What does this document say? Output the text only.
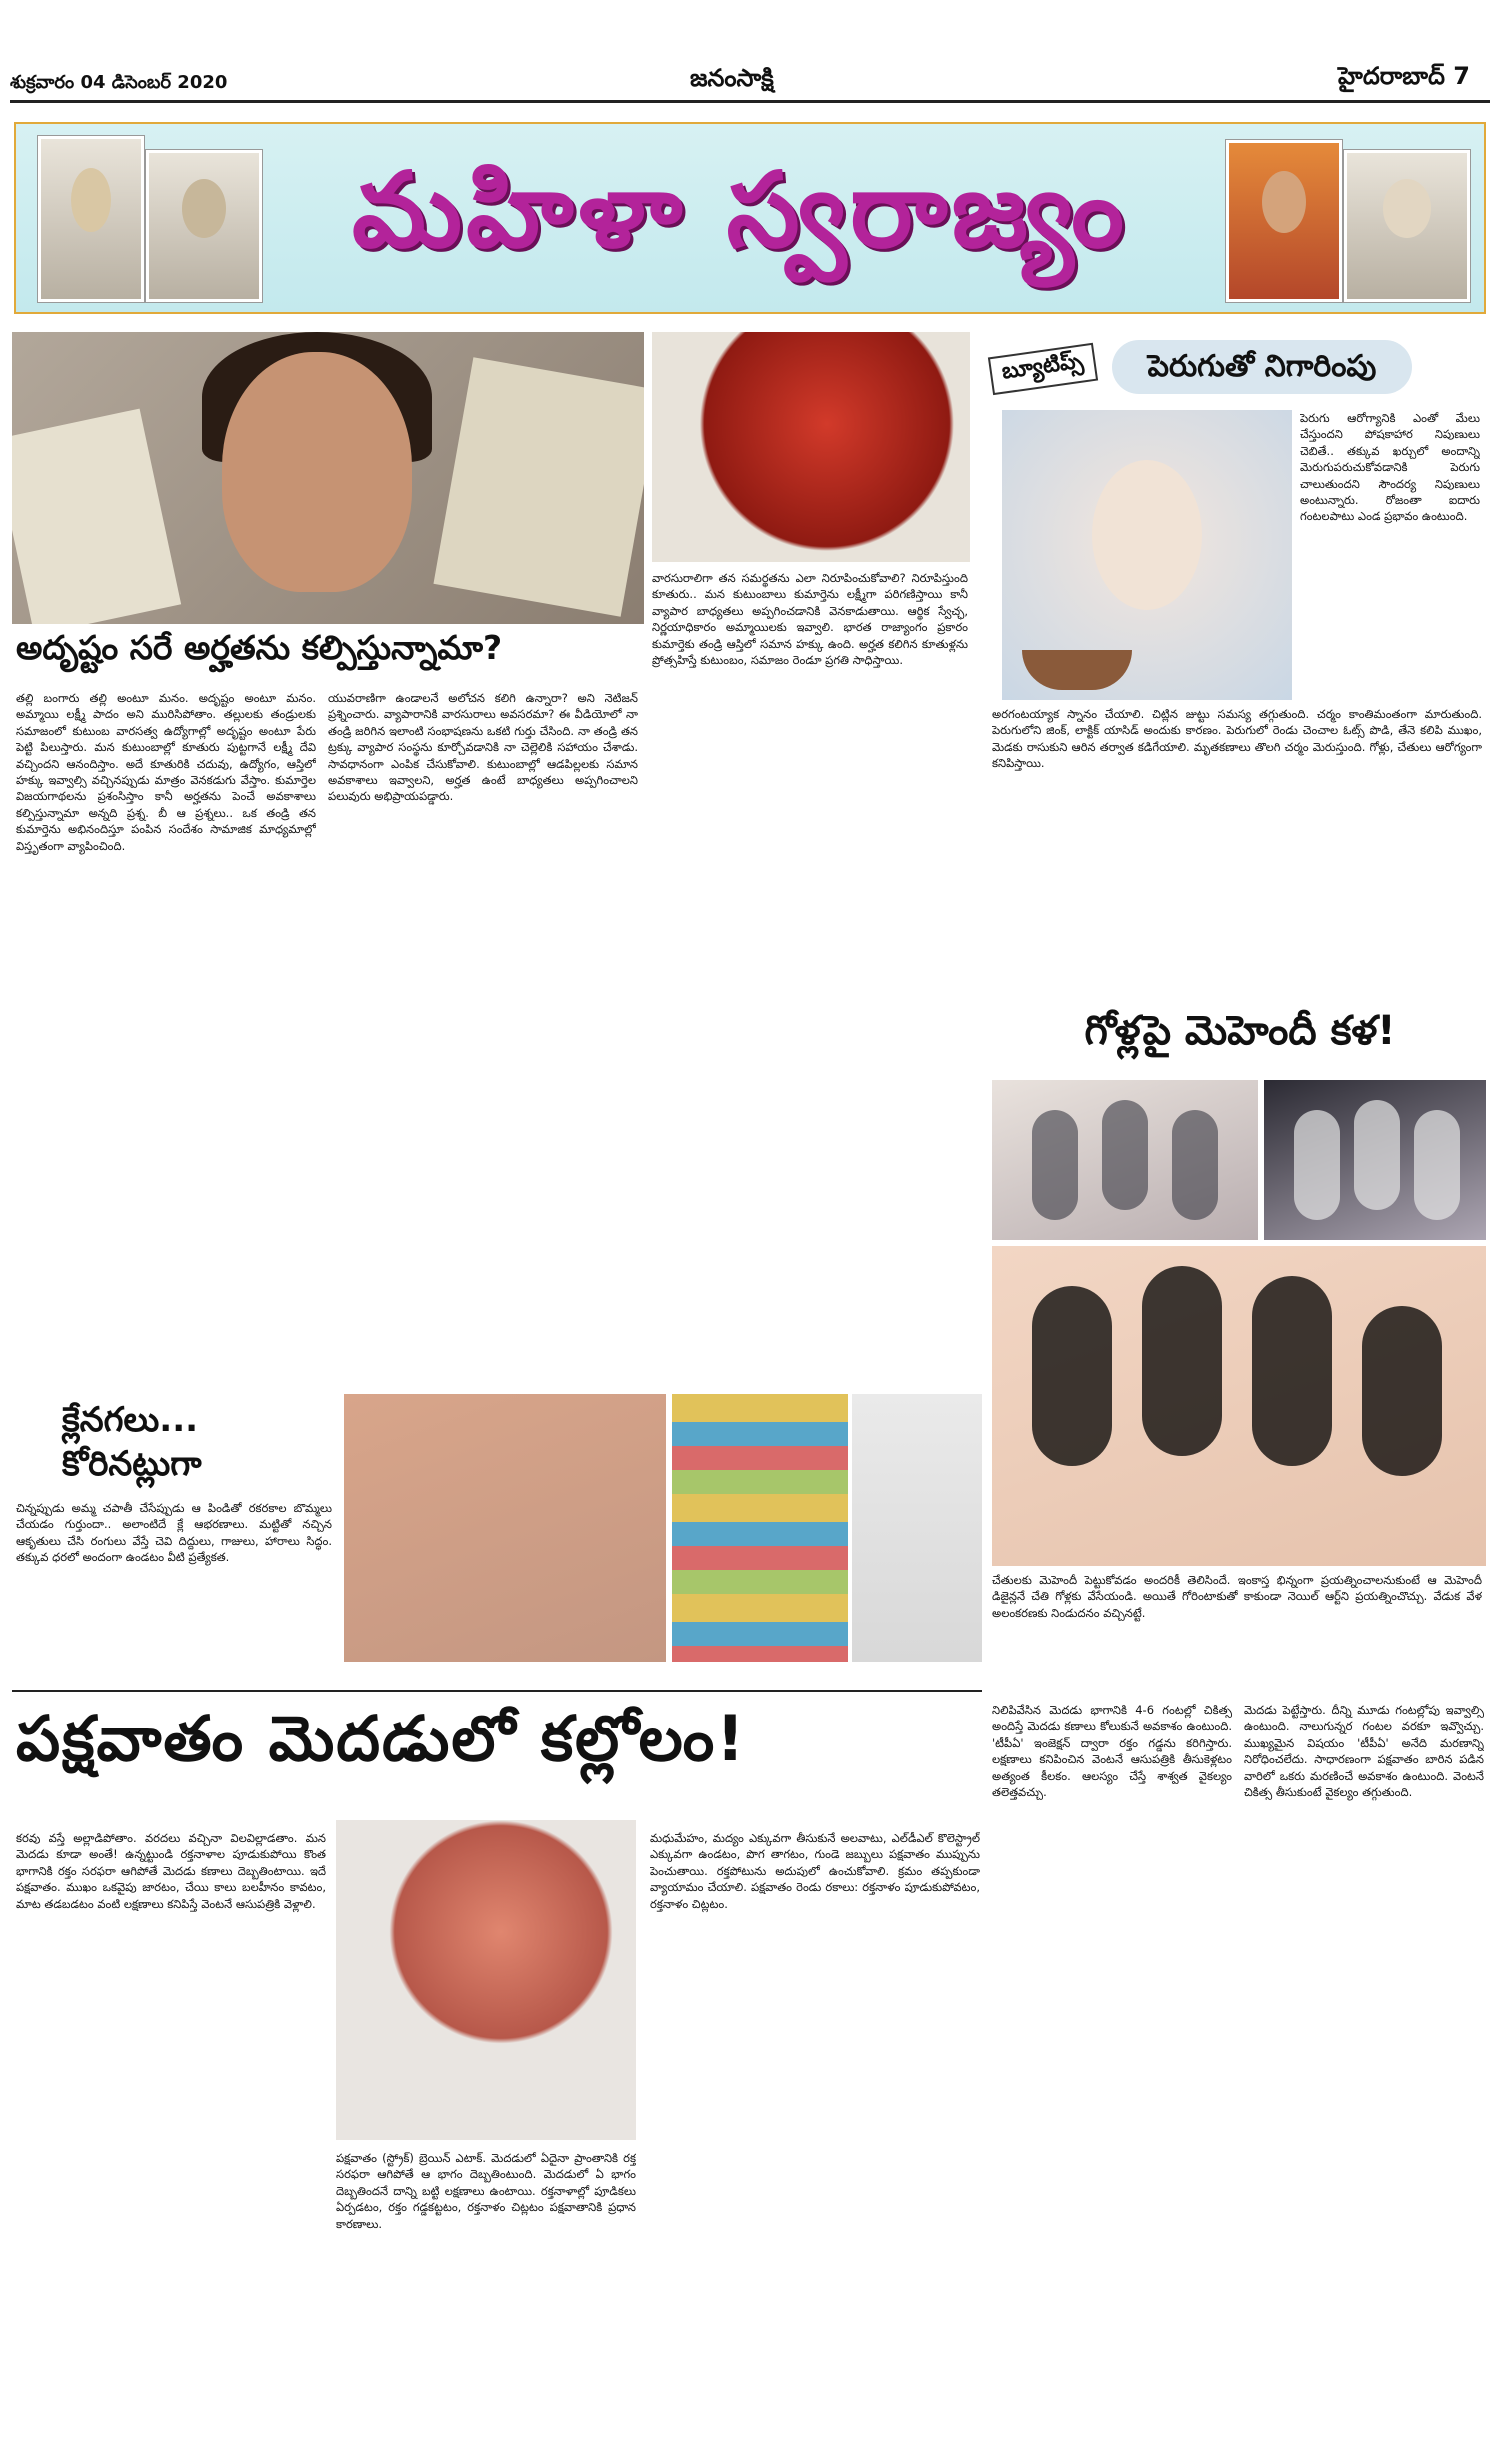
శుక్రవారం 04 డిసెంబర్ 2020	జనంసాక్షి	హైదరాబాద్ 7
మహిళా స్వరాజ్యం
అదృష్టం సరే అర్హతను కల్పిస్తున్నామా?
తల్లి బంగారు తల్లి అంటూ మనం. అదృష్టం అంటూ మనం. అమ్మాయి లక్ష్మీ పాదం అని మురిసిపోతాం. తల్లులకు తండ్రులకు సమాజంలో కుటుంబ వారసత్వ ఉద్యోగాల్లో అదృష్టం అంటూ పేరు పెట్టి పిలుస్తారు. మన కుటుంబాల్లో కూతురు పుట్టగానే లక్ష్మీ దేవి వచ్చిందని ఆనందిస్తాం. అదే కూతురికి చదువు, ఉద్యోగం, ఆస్తిలో హక్కు ఇవ్వాల్సి వచ్చినప్పుడు మాత్రం వెనకడుగు వేస్తాం. కుమార్తెల విజయగాథలను ప్రశంసిస్తాం కానీ అర్హతను పెంచే అవకాశాలు కల్పిస్తున్నామా అన్నది ప్రశ్న. బీ ఆ ప్రశ్నలు.. ఒక తండ్రి తన కుమార్తెను అభినందిస్తూ పంపిన సందేశం సామాజిక మాధ్యమాల్లో విస్తృతంగా వ్యాపించింది.
యువరాణిగా ఉండాలనే అలోచన కలిగి ఉన్నారా? అని నెటిజన్ ప్రశ్నించారు. వ్యాపారానికి వారసురాలు అవసరమా? ఈ వీడియోలో నా తండ్రి జరిగిన ఇలాంటి సంభాషణను ఒకటి గుర్తు చేసింది. నా తండ్రి తన ట్రక్కు వ్యాపార సంస్థను కూర్చోవడానికి నా చెల్లెలికి సహాయం చేశాడు. సావధానంగా ఎంపిక చేసుకోవాలి. కుటుంబాల్లో ఆడపిల్లలకు సమాన అవకాశాలు ఇవ్వాలని, అర్హత ఉంటే బాధ్యతలు అప్పగించాలని పలువురు అభిప్రాయపడ్డారు.
వారసురాలిగా తన సమర్థతను ఎలా నిరూపించుకోవాలి? నిరూపిస్తుంది కూతురు.. మన కుటుంబాలు కుమార్తెను లక్ష్మీగా పరిగణిస్తాయి కానీ వ్యాపార బాధ్యతలు అప్పగించడానికి వెనకాడుతాయి. ఆర్థిక స్వేచ్ఛ, నిర్ణయాధికారం అమ్మాయిలకు ఇవ్వాలి. భారత రాజ్యాంగం ప్రకారం కుమార్తెకు తండ్రి ఆస్తిలో సమాన హక్కు ఉంది. అర్హత కలిగిన కూతుళ్లను ప్రోత్సహిస్తే కుటుంబం, సమాజం రెండూ ప్రగతి సాధిస్తాయి.
బ్యూటిప్స్	పెరుగుతో నిగారింపు
పెరుగు ఆరోగ్యానికి ఎంతో మేలు చేస్తుందని పోషకాహార నిపుణులు చెబితే.. తక్కువ ఖర్చులో అందాన్ని మెరుగుపరుచుకోవడానికి పెరుగు చాలుతుందని సౌందర్య నిపుణులు అంటున్నారు. రోజంతా ఐదారు గంటలపాటు ఎండ ప్రభావం ఉంటుంది.
అరగంటయ్యాక స్నానం చేయాలి. చిట్లిన జుట్టు సమస్య తగ్గుతుంది. చర్మం కాంతిమంతంగా మారుతుంది. పెరుగులోని జింక్, లాక్టిక్ యాసిడ్ అందుకు కారణం. పెరుగులో రెండు చెంచాల ఓట్స్ పొడి, తేనె కలిపి ముఖం, మెడకు రాసుకుని ఆరిన తర్వాత కడిగేయాలి. మృతకణాలు తొలగి చర్మం మెరుస్తుంది. గోళ్లు, చేతులు ఆరోగ్యంగా కనిపిస్తాయి.
గోళ్లపై మెహెందీ కళ!
చేతులకు మెహెందీ పెట్టుకోవడం అందరికీ తెలిసిందే. ఇంకాస్త భిన్నంగా ప్రయత్నించాలనుకుంటే ఆ మెహెందీ డిజైన్లనే చేతి గోళ్లకు వేసేయండి. అయితే గోరింటాకుతో కాకుండా నెయిల్ ఆర్ట్‌ని ప్రయత్నించొచ్చు. వేడుక వేళ అలంకరణకు నిండుదనం వచ్చినట్టే.
క్లేనగలు...
కోరినట్లుగా
చిన్నప్పుడు అమ్మ చపాతీ చేసేప్పుడు ఆ పిండితో రకరకాల బొమ్మలు చేయడం గుర్తుందా.. అలాంటిదే క్లే ఆభరణాలు. మట్టితో నచ్చిన ఆకృతులు చేసి రంగులు వేస్తే చెవి దిద్దులు, గాజులు, హారాలు సిద్ధం. తక్కువ ధరలో అందంగా ఉండటం వీటి ప్రత్యేకత.
పక్షవాతం మెదడులో కల్లోలం!
కరవు వస్తే అల్లాడిపోతాం. వరదలు వచ్చినా విలవిల్లాడతాం. మన మెదడు కూడా అంతే! ఉన్నట్టుండి రక్తనాళాల పూడుకుపోయి కొంత భాగానికి రక్తం సరఫరా ఆగిపోతే మెదడు కణాలు దెబ్బతింటాయి. ఇదే పక్షవాతం. ముఖం ఒకవైపు జారటం, చేయి కాలు బలహీనం కావటం, మాట తడబడటం వంటి లక్షణాలు కనిపిస్తే వెంటనే ఆసుపత్రికి వెళ్లాలి.
పక్షవాతం (స్ట్రోక్) బ్రెయిన్ ఎటాక్. మెదడులో ఏదైనా ప్రాంతానికి రక్త సరఫరా ఆగిపోతే ఆ భాగం దెబ్బతింటుంది. మెదడులో ఏ భాగం దెబ్బతిందనే దాన్ని బట్టి లక్షణాలు ఉంటాయి. రక్తనాళాల్లో పూడికలు ఏర్పడటం, రక్తం గడ్డకట్టటం, రక్తనాళం చిట్లటం పక్షవాతానికి ప్రధాన కారణాలు.
మధుమేహం, మద్యం ఎక్కువగా తీసుకునే అలవాటు, ఎల్‌డీఎల్ కొలెస్ట్రాల్ ఎక్కువగా ఉండటం, పొగ తాగటం, గుండె జబ్బులు పక్షవాతం ముప్పును పెంచుతాయి. రక్తపోటును అదుపులో ఉంచుకోవాలి. క్రమం తప్పకుండా వ్యాయామం చేయాలి. పక్షవాతం రెండు రకాలు: రక్తనాళం పూడుకుపోవటం, రక్తనాళం చిట్లటం.
నిలిపివేసిన మెదడు భాగానికి 4-6 గంటల్లో చికిత్స అందిస్తే మెదడు కణాలు కోలుకునే అవకాశం ఉంటుంది. 'టీపీఏ' ఇంజెక్షన్ ద్వారా రక్తం గడ్డను కరిగిస్తారు. లక్షణాలు కనిపించిన వెంటనే ఆసుపత్రికి తీసుకెళ్లటం అత్యంత కీలకం. ఆలస్యం చేస్తే శాశ్వత వైకల్యం తలెత్తవచ్చు.
మెదడు పెట్టేస్తారు. దీన్ని మూడు గంటల్లోపు ఇవ్వాల్సి ఉంటుంది. నాలుగున్నర గంటల వరకూ ఇవ్వొచ్చు. ముఖ్యమైన విషయం 'టీపీఏ' అనేది మరణాన్ని నిరోధించలేదు. సాధారణంగా పక్షవాతం బారిన పడిన వారిలో ఒకరు మరణించే అవకాశం ఉంటుంది. వెంటనే చికిత్స తీసుకుంటే వైకల్యం తగ్గుతుంది.
